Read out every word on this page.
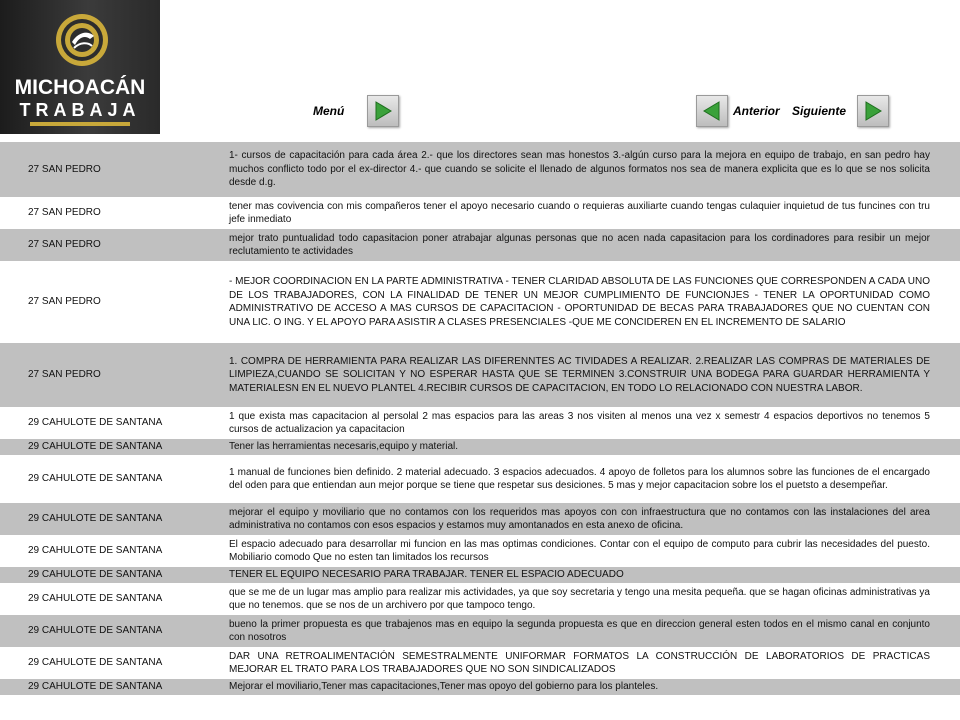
MICHOACÁN
TRABAJA	Menú	Anterior Siguiente
27 SAN PEDRO	1- cursos de capacitación para cada área 2.- que los directores sean mas honestos 3.-algún curso para la mejora en equipo de trabajo, en san pedro hay muchos conflicto todo por el ex-director 4.- que cuando se solicite el llenado de algunos formatos nos sea de manera explicita que es lo que se nos solicita desde d.g.
27 SAN PEDRO	tener mas covivencia con mis compañeros tener el apoyo necesario cuando o requieras auxiliarte cuando tengas culaquier inquietud de tus funcines con tru jefe inmediato
27 SAN PEDRO	mejor trato puntualidad todo capasitacion poner atrabajar algunas personas que no acen nada capasitacion para los cordinadores para resibir un mejor reclutamiento te actividades
27 SAN PEDRO	- MEJOR COORDINACION EN LA PARTE ADMINISTRATIVA - TENER CLARIDAD ABSOLUTA DE LAS FUNCIONES QUE CORRESPONDEN A CADA UNO DE LOS TRABAJADORES, CON LA FINALIDAD DE TENER UN MEJOR CUMPLIMIENTO DE FUNCIONJES - TENER LA OPORTUNIDAD COMO ADMINISTRATIVO DE ACCESO A MAS CURSOS DE CAPACITACION - OPORTUNIDAD DE BECAS PARA TRABAJADORES QUE NO CUENTAN CON UNA LIC. O ING. Y EL APOYO PARA ASISTIR A CLASES PRESENCIALES -QUE ME CONCIDEREN EN EL INCREMENTO DE SALARIO
27 SAN PEDRO	1. COMPRA DE HERRAMIENTA PARA REALIZAR LAS DIFERENNTES AC TIVIDADES A REALIZAR. 2.REALIZAR LAS COMPRAS DE MATERIALES DE LIMPIEZA,CUANDO SE SOLICITAN Y NO ESPERAR HASTA QUE SE TERMINEN 3.CONSTRUIR UNA BODEGA PARA GUARDAR HERRAMIENTA Y MATERIALESN EN EL NUEVO PLANTEL 4.RECIBIR CURSOS DE CAPACITACION, EN TODO LO RELACIONADO CON NUESTRA LABOR.
29 CAHULOTE DE SANTANA	1 que exista mas capacitacion al persolal 2 mas espacios para las areas 3 nos visiten al menos una vez x semestr 4 espacios deportivos no tenemos 5 cursos de actualizacion ya capacitacion
29 CAHULOTE DE SANTANA	Tener las herramientas necesaris,equipo y material.
29 CAHULOTE DE SANTANA	1 manual de funciones bien definido. 2 material adecuado. 3 espacios adecuados. 4 apoyo de folletos para los alumnos sobre las funciones de el encargado del oden para que entiendan aun mejor porque se tiene que respetar sus desiciones. 5 mas y mejor capacitacion sobre los el puetsto a desempeñar.
29 CAHULOTE DE SANTANA	mejorar el equipo y moviliario que no contamos con los requeridos mas apoyos con con infraestructura que no contamos con las instalaciones del area administrativa no contamos con esos espacios y estamos muy amontanados en esta anexo de oficina.
29 CAHULOTE DE SANTANA	El espacio adecuado para desarrollar mi funcion en las mas optimas condiciones. Contar con el equipo de computo para cubrir las necesidades del puesto. Mobiliario comodo Que no esten tan limitados los recursos
29 CAHULOTE DE SANTANA	TENER EL EQUIPO NECESARIO PARA TRABAJAR. TENER EL ESPACIO ADECUADO
29 CAHULOTE DE SANTANA	que se me de un lugar mas amplio para realizar mis actividades, ya que soy secretaria y tengo una mesita pequeña. que se hagan oficinas administrativas ya que no tenemos. que se nos de un archivero por que tampoco tengo.
29 CAHULOTE DE SANTANA	bueno la primer propuesta es que trabajenos mas en equipo la segunda propuesta es que en direccion general esten todos en el mismo canal en conjunto con nosotros
29 CAHULOTE DE SANTANA	DAR UNA RETROALIMENTACIÓN SEMESTRALMENTE UNIFORMAR FORMATOS LA CONSTRUCCIÓN DE LABORATORIOS DE PRACTICAS MEJORAR EL TRATO PARA LOS TRABAJADORES QUE NO SON SINDICALIZADOS
29 CAHULOTE DE SANTANA	Mejorar el moviliario,Tener mas capacitaciones,Tener mas opoyo del gobierno para los planteles.
